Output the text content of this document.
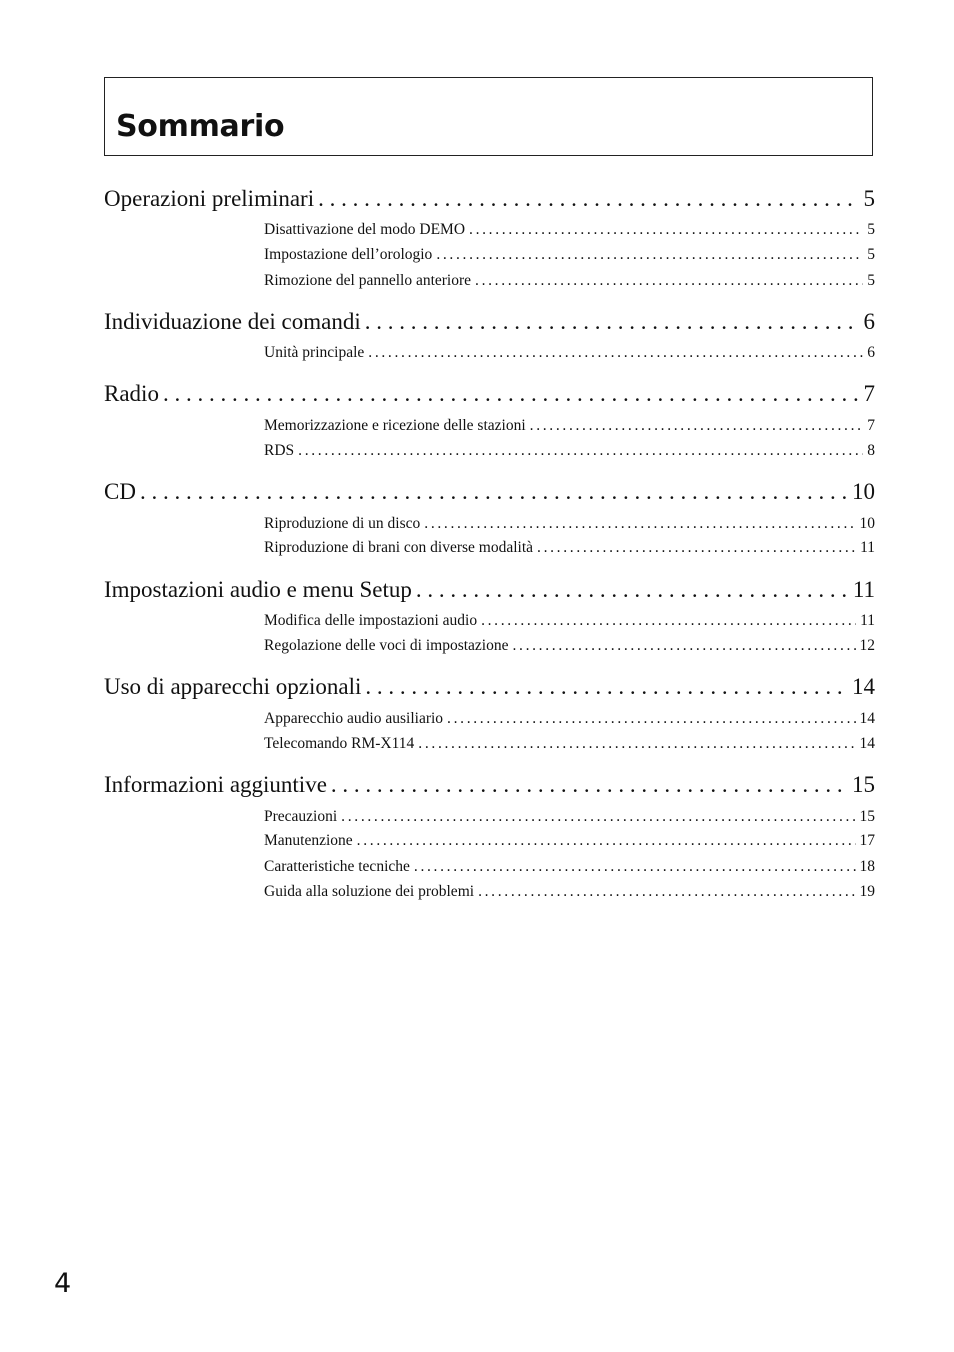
Sommario
Operazioni preliminari . . .	5
Disattivazione del modo DEMO . . .	5
Impostazione dell’orologio . . .	5
Rimozione del pannello anteriore . . .	5
Individuazione dei comandi . . .	6
Unità principale . . .	6
Radio . . .	7
Memorizzazione e ricezione delle stazioni . . .	7
RDS . . .	8
CD . . .	10
Riproduzione di un disco . . .	10
Riproduzione di brani con diverse modalità . . .	11
Impostazioni audio e menu Setup . . .	11
Modifica delle impostazioni audio . . .	11
Regolazione delle voci di impostazione . . .	12
Uso di apparecchi opzionali . . .	14
Apparecchio audio ausiliario . . .	14
Telecomando RM-X114 . . .	14
Informazioni aggiuntive . . .	15
Precauzioni . . .	15
Manutenzione . . .	17
Caratteristiche tecniche . . .	18
Guida alla soluzione dei problemi . . .	19
4
